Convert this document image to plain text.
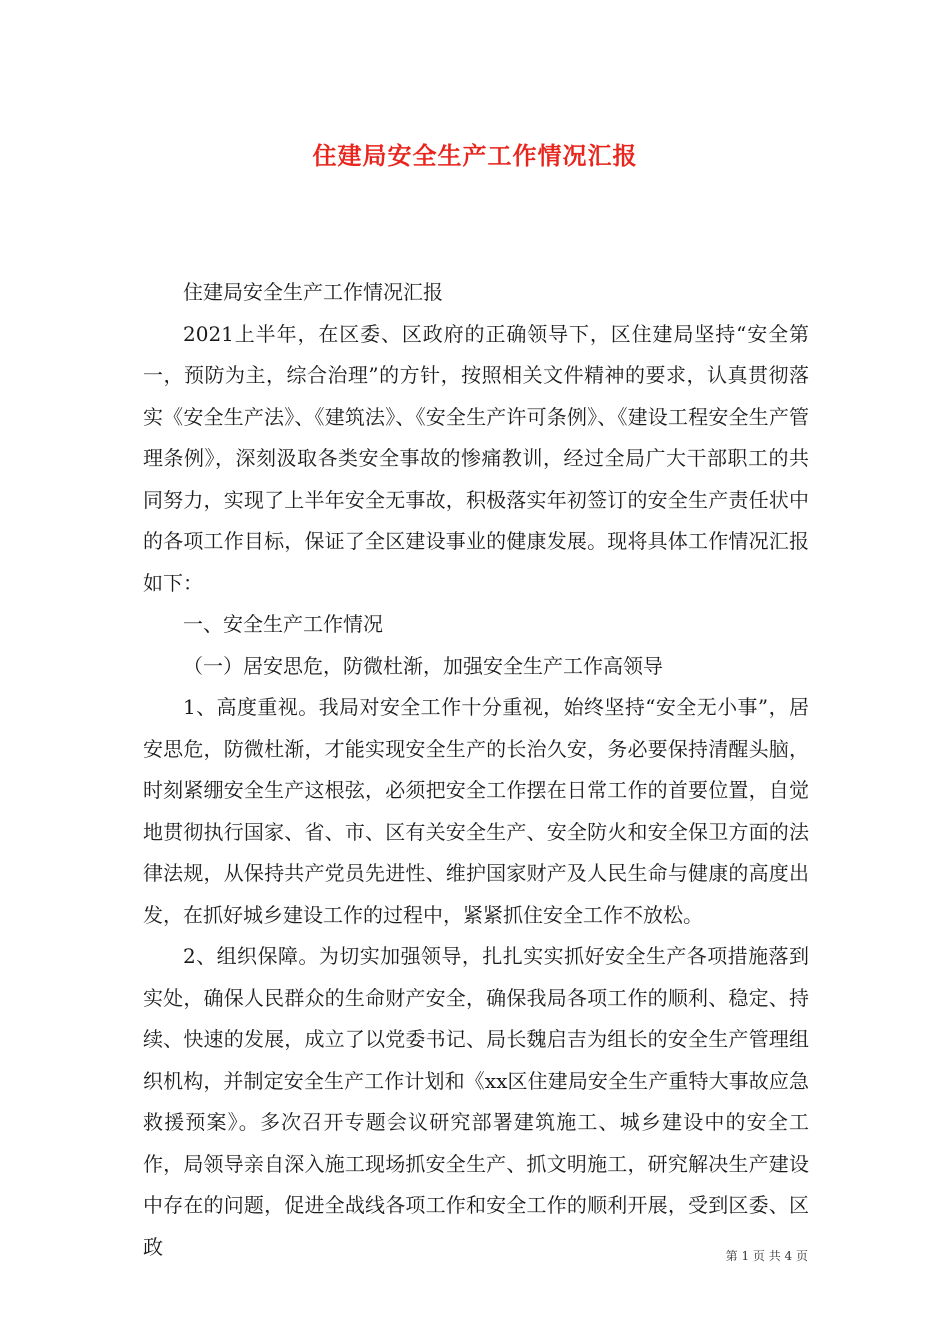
住建局安全生产工作情况汇报

住建局安全生产工作情况汇报

2021上半年，在区委、区政府的正确领导下，区住建局坚持“安全第一，预防为主，综合治理”的方针，按照相关文件精神的要求，认真贯彻落实《安全生产法》、《建筑法》、《安全生产许可条例》、《建设工程安全生产管理条例》，深刻汲取各类安全事故的惨痛教训，经过全局广大干部职工的共同努力，实现了上半年安全无事故，积极落实年初签订的安全生产责任状中的各项工作目标，保证了全区建设事业的健康发展。现将具体工作情况汇报如下：

一、安全生产工作情况

（一）居安思危，防微杜渐，加强安全生产工作高领导

1、高度重视。我局对安全工作十分重视，始终坚持“安全无小事”，居安思危，防微杜渐，才能实现安全生产的长治久安，务必要保持清醒头脑，时刻紧绷安全生产这根弦，必须把安全工作摆在日常工作的首要位置，自觉地贯彻执行国家、省、市、区有关安全生产、安全防火和安全保卫方面的法律法规，从保持共产党员先进性、维护国家财产及人民生命与健康的高度出发，在抓好城乡建设工作的过程中，紧紧抓住安全工作不放松。

2、组织保障。为切实加强领导，扎扎实实抓好安全生产各项措施落到实处，确保人民群众的生命财产安全，确保我局各项工作的顺利、稳定、持续、快速的发展，成立了以党委书记、局长魏启吉为组长的安全生产管理组织机构，并制定安全生产工作计划和《xx区住建局安全生产重特大事故应急救援预案》。多次召开专题会议研究部署建筑施工、城乡建设中的安全工作，局领导亲自深入施工现场抓安全生产、抓文明施工，研究解决生产建设中存在的问题，促进全战线各项工作和安全工作的顺利开展，受到区委、区政	第 1 页 共 4 页
